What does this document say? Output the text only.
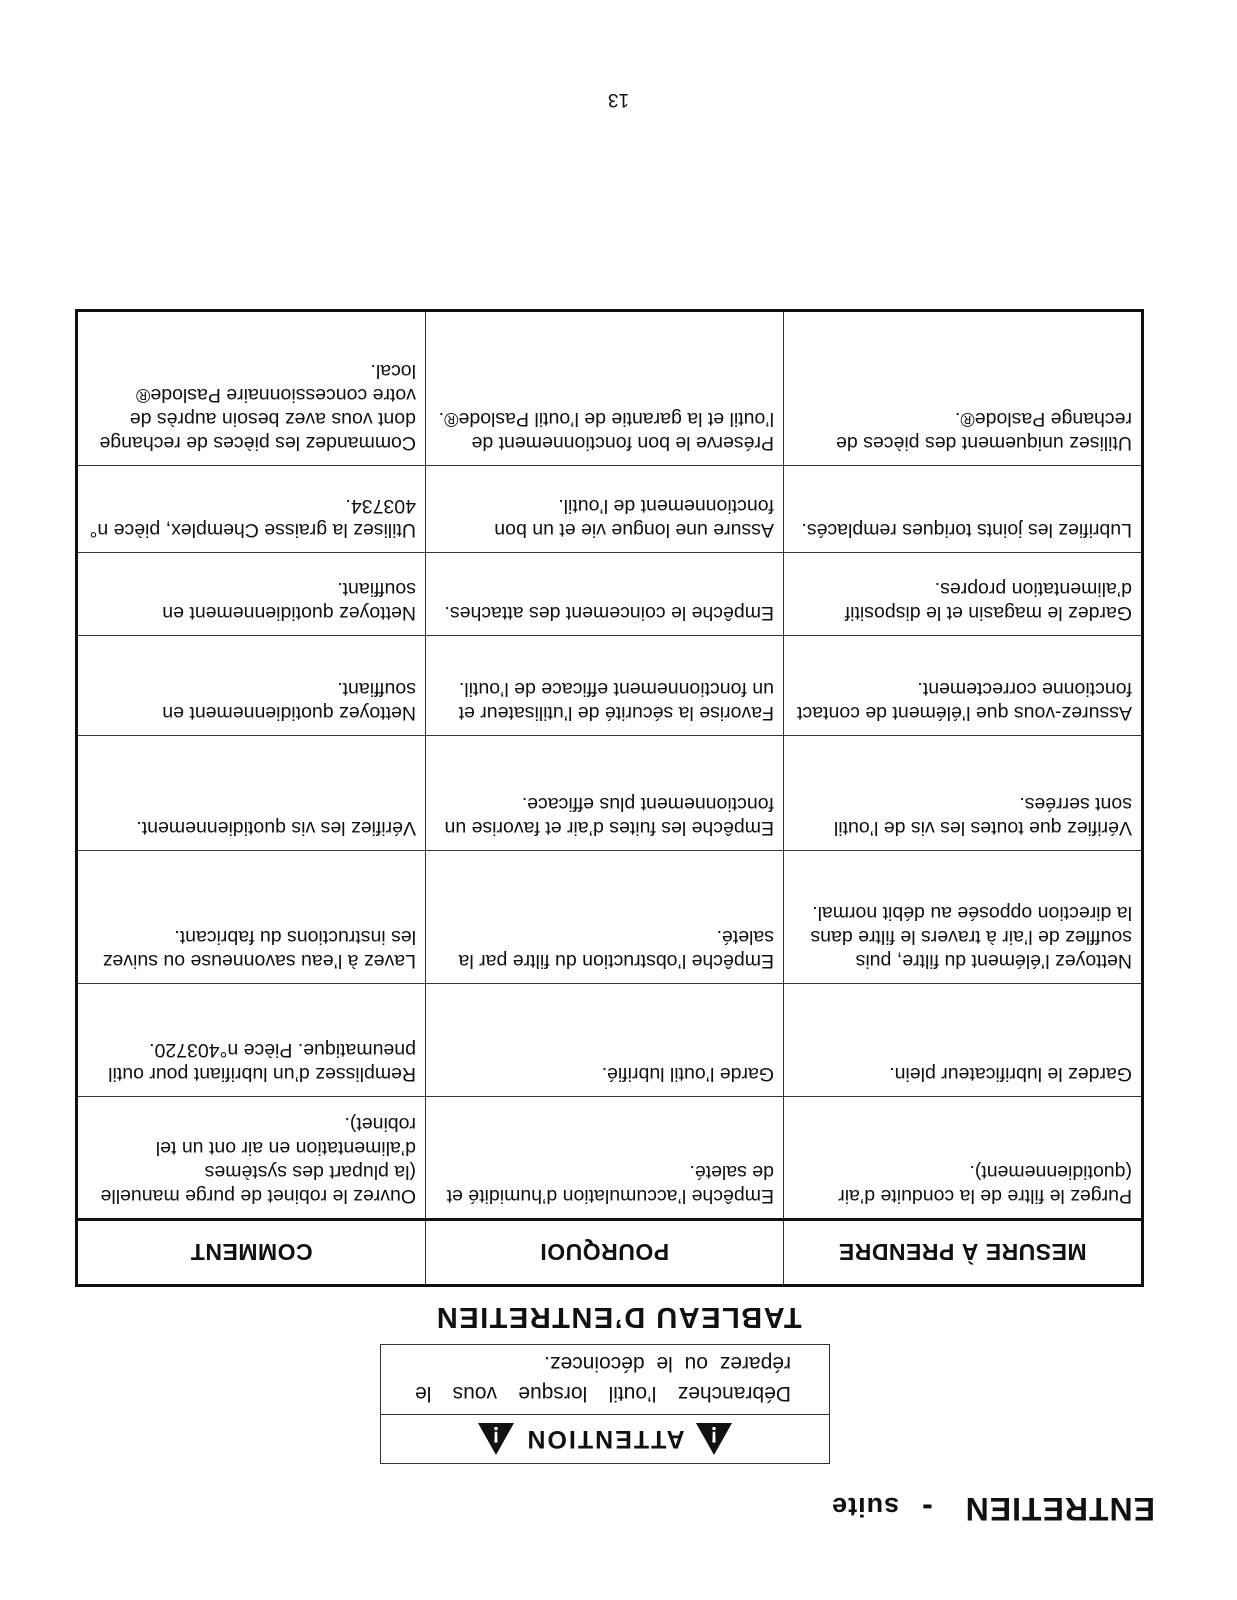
ENTRETIEN -suite
!
ATTENTION
!
Débranchez l’outil lorsque vous le réparez ou le décoincez.
TABLEAU D’ENTRETIEN
MESURE À PRENDRE
POURQUOI
COMMENT
Purgez le filtre de la conduite d’air (quotidiennement).
Empêche l’accumulation d’humidité et de saleté.
Ouvrez le robinet de purge manuelle (la plupart des systèmes d’alimentation en air ont un tel robinet).
Gardez le lubrificateur plein.
Garde l’outil lubrifié.
Remplissez d’un lubrifiant pour outil pneumatique. Pièce n°403720.
Nettoyez l’élément du filtre, puis soufflez de l’air à travers le filtre dans la direction opposée au débit normal.
Empêche l’obstruction du filtre par la saleté.
Lavez à l’eau savonneuse ou suivez les instructions du fabricant.
Vérifiez que toutes les vis de l’outil sont serrées.
Empêche les fuites d’air et favorise un fonctionnement plus efficace.
Vérifiez les vis quotidiennement.
Assurez-vous que l’élément de contact fonctionne correctement.
Favorise la sécurité de l’utilisateur et un fonctionnement efficace de l’outil.
Nettoyez quotidiennement en souffiant.
Gardez le magasin et le dispositif d’alimentation propres.
Empêche le coincement des attaches.
Nettoyez quotidiennement en souffiant.
Lubrifiez les joints toriques remplacés.
Assure une longue vie et un bon fonctionnement de l’outil.
Utilisez la graisse Chemplex, pièce n° 403734.
Utilisez uniquement des pièces de rechange Paslode®.
Préserve le bon fonctionnement de l’outil et la garantie de l’outil Paslode®.
Commandez les pièces de rechange dont vous avez besoin auprès de votre concessionnaire Paslode® local.
13
